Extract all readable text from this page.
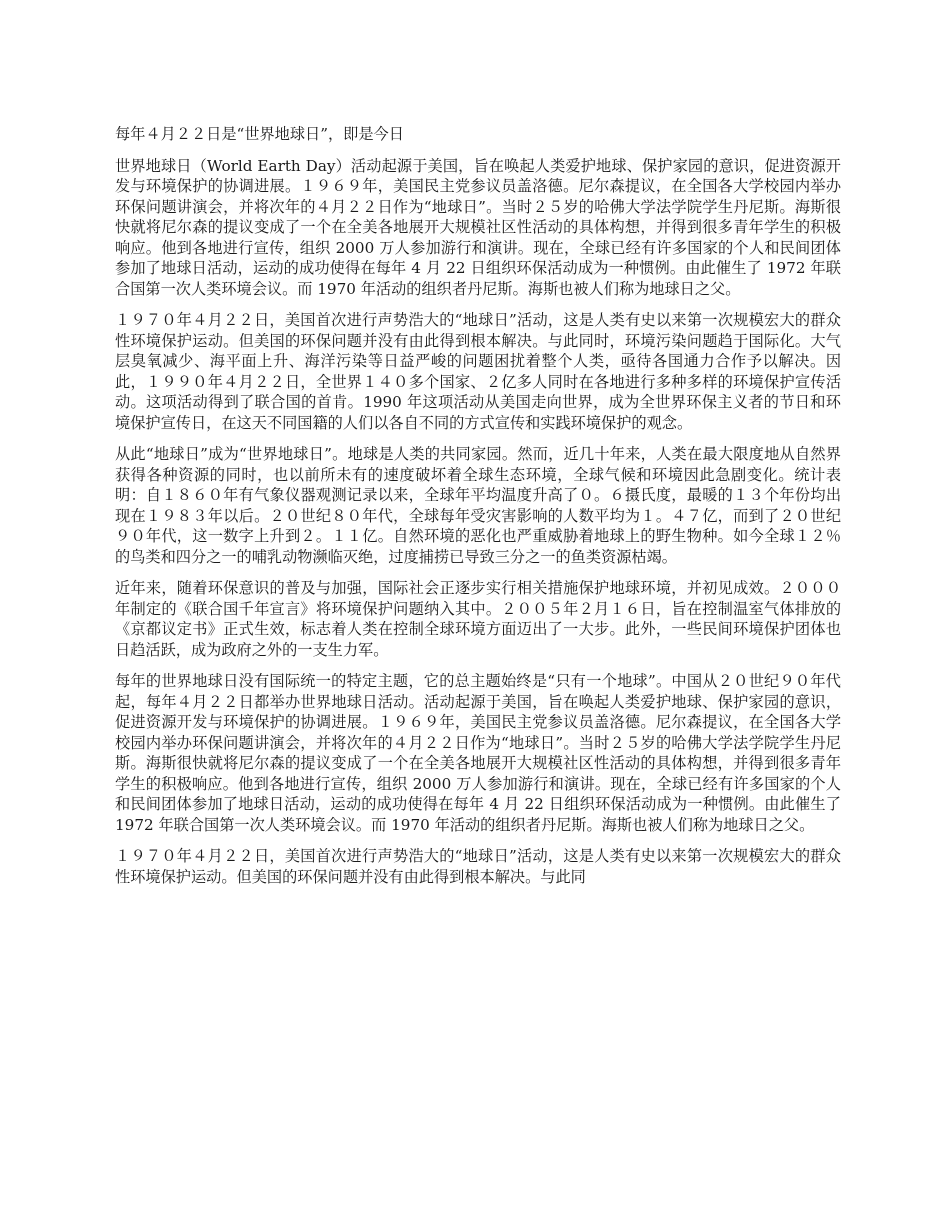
每年４月２２日是“世界地球日”，即是今日

世界地球日（World Earth Day）活动起源于美国，旨在唤起人类爱护地球、保护家园的意识，促进资源开发与环境保护的协调进展。１９６９年，美国民主党参议员盖洛德。尼尔森提议，在全国各大学校园内举办环保问题讲演会，并将次年的４月２２日作为“地球日”。当时２５岁的哈佛大学法学院学生丹尼斯。海斯很快就将尼尔森的提议变成了一个在全美各地展开大规模社区性活动的具体构想，并得到很多青年学生的积极响应。他到各地进行宣传，组织 2000 万人参加游行和演讲。现在，全球已经有许多国家的个人和民间团体参加了地球日活动，运动的成功使得在每年 4 月 22 日组织环保活动成为一种惯例。由此催生了 1972 年联合国第一次人类环境会议。而 1970 年活动的组织者丹尼斯。海斯也被人们称为地球日之父。

１９７０年４月２２日，美国首次进行声势浩大的“地球日”活动，这是人类有史以来第一次规模宏大的群众性环境保护运动。但美国的环保问题并没有由此得到根本解决。与此同时，环境污染问题趋于国际化。大气层臭氧减少、海平面上升、海洋污染等日益严峻的问题困扰着整个人类，亟待各国通力合作予以解决。因此，１９９０年４月２２日，全世界１４０多个国家、２亿多人同时在各地进行多种多样的环境保护宣传活动。这项活动得到了联合国的首肯。1990 年这项活动从美国走向世界，成为全世界环保主义者的节日和环境保护宣传日，在这天不同国籍的人们以各自不同的方式宣传和实践环境保护的观念。

从此“地球日”成为“世界地球日”。地球是人类的共同家园。然而，近几十年来，人类在最大限度地从自然界获得各种资源的同时，也以前所未有的速度破坏着全球生态环境，全球气候和环境因此急剧变化。统计表明：自１８６０年有气象仪器观测记录以来，全球年平均温度升高了０。６摄氏度，最暖的１３个年份均出现在１９８３年以后。２０世纪８０年代，全球每年受灾害影响的人数平均为１。４７亿，而到了２０世纪９０年代，这一数字上升到２。１１亿。自然环境的恶化也严重威胁着地球上的野生物种。如今全球１２％的鸟类和四分之一的哺乳动物濒临灭绝，过度捕捞已导致三分之一的鱼类资源枯竭。

近年来，随着环保意识的普及与加强，国际社会正逐步实行相关措施保护地球环境，并初见成效。２０００年制定的《联合国千年宣言》将环境保护问题纳入其中。２００５年２月１６日，旨在控制温室气体排放的《京都议定书》正式生效，标志着人类在控制全球环境方面迈出了一大步。此外，一些民间环境保护团体也日趋活跃，成为政府之外的一支生力军。

每年的世界地球日没有国际统一的特定主题，它的总主题始终是“只有一个地球”。中国从２０世纪９０年代起，每年４月２２日都举办世界地球日活动。活动起源于美国，旨在唤起人类爱护地球、保护家园的意识，促进资源开发与环境保护的协调进展。１９６９年，美国民主党参议员盖洛德。尼尔森提议，在全国各大学校园内举办环保问题讲演会，并将次年的４月２２日作为“地球日”。当时２５岁的哈佛大学法学院学生丹尼斯。海斯很快就将尼尔森的提议变成了一个在全美各地展开大规模社区性活动的具体构想，并得到很多青年学生的积极响应。他到各地进行宣传，组织 2000 万人参加游行和演讲。现在，全球已经有许多国家的个人和民间团体参加了地球日活动，运动的成功使得在每年 4 月 22 日组织环保活动成为一种惯例。由此催生了 1972 年联合国第一次人类环境会议。而 1970 年活动的组织者丹尼斯。海斯也被人们称为地球日之父。

１９７０年４月２２日，美国首次进行声势浩大的“地球日”活动，这是人类有史以来第一次规模宏大的群众性环境保护运动。但美国的环保问题并没有由此得到根本解决。与此同
